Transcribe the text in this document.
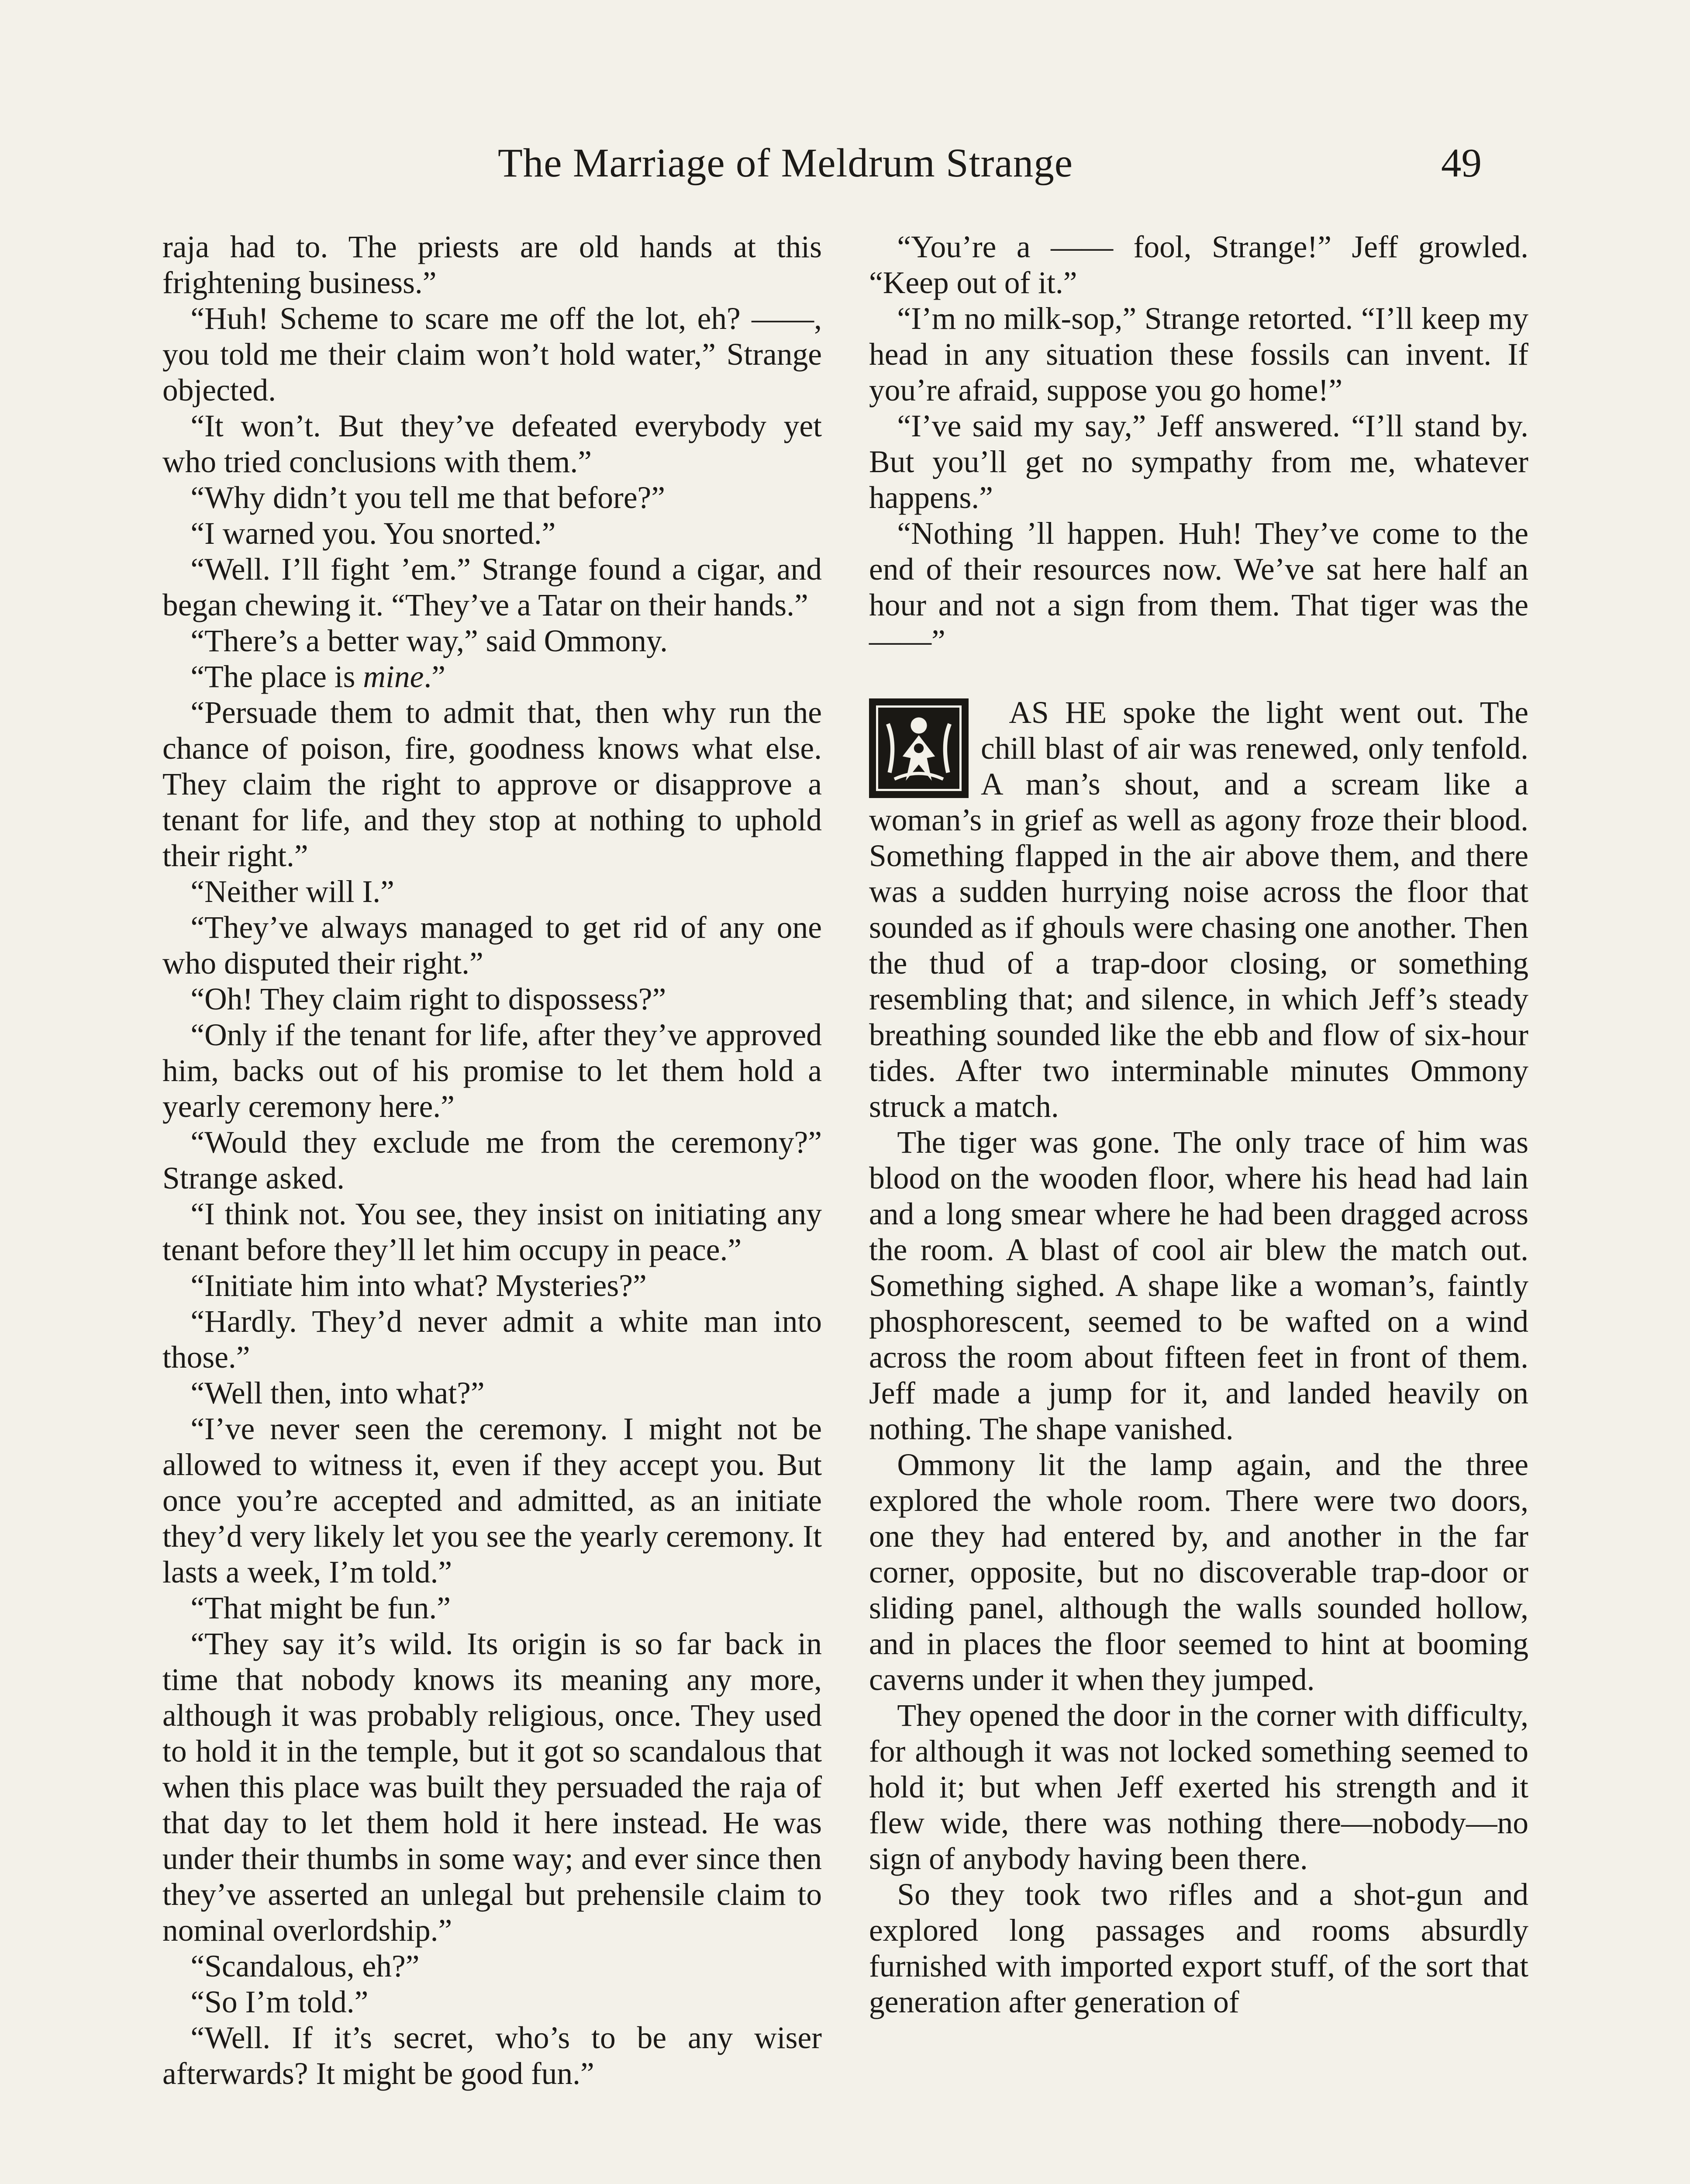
The Marriage of Meldrum Strange	49

raja had to. The priests are old hands at this frightening business.”

“Huh! Scheme to scare me off the lot, eh? ——, you told me their claim won’t hold water,” Strange objected.

“It won’t. But they’ve defeated everybody yet who tried conclusions with them.”

“Why didn’t you tell me that before?”

“I warned you. You snorted.”

“Well. I’ll fight ’em.” Strange found a cigar, and began chewing it. “They’ve a Tatar on their hands.”

“There’s a better way,” said Ommony.

“The place is mine.”

“Persuade them to admit that, then why run the chance of poison, fire, goodness knows what else. They claim the right to approve or disapprove a tenant for life, and they stop at nothing to uphold their right.”

“Neither will I.”

“They’ve always managed to get rid of any one who disputed their right.”

“Oh! They claim right to dispossess?”

“Only if the tenant for life, after they’ve approved him, backs out of his promise to let them hold a yearly ceremony here.”

“Would they exclude me from the ceremony?” Strange asked.

“I think not. You see, they insist on initiating any tenant before they’ll let him occupy in peace.”

“Initiate him into what? Mysteries?”

“Hardly. They’d never admit a white man into those.”

“Well then, into what?”

“I’ve never seen the ceremony. I might not be allowed to witness it, even if they accept you. But once you’re accepted and admitted, as an initiate they’d very likely let you see the yearly ceremony. It lasts a week, I’m told.”

“That might be fun.”

“They say it’s wild. Its origin is so far back in time that nobody knows its meaning any more, although it was probably religious, once. They used to hold it in the temple, but it got so scandalous that when this place was built they persuaded the raja of that day to let them hold it here instead. He was under their thumbs in some way; and ever since then they’ve asserted an unlegal but prehensile claim to nominal overlordship.”

“Scandalous, eh?”

“So I’m told.”

“Well. If it’s secret, who’s to be any wiser afterwards? It might be good fun.”

“You’re a —— fool, Strange!” Jeff growled. “Keep out of it.”

“I’m no milk-sop,” Strange retorted. “I’ll keep my head in any situation these fossils can invent. If you’re afraid, suppose you go home!”

“I’ve said my say,” Jeff answered. “I’ll stand by. But you’ll get no sympathy from me, whatever happens.”

“Nothing ’ll happen. Huh! They’ve come to the end of their resources now. We’ve sat here half an hour and not a sign from them. That tiger was the ——”

AS HE spoke the light went out. The chill blast of air was renewed, only tenfold. A man’s shout, and a scream like a woman’s in grief as well as agony froze their blood. Something flapped in the air above them, and there was a sudden hurrying noise across the floor that sounded as if ghouls were chasing one another. Then the thud of a trap-door closing, or something resembling that; and silence, in which Jeff’s steady breathing sounded like the ebb and flow of six-hour tides. After two interminable minutes Ommony struck a match.

The tiger was gone. The only trace of him was blood on the wooden floor, where his head had lain and a long smear where he had been dragged across the room. A blast of cool air blew the match out. Something sighed. A shape like a woman’s, faintly phosphorescent, seemed to be wafted on a wind across the room about fifteen feet in front of them. Jeff made a jump for it, and landed heavily on nothing. The shape vanished.

Ommony lit the lamp again, and the three explored the whole room. There were two doors, one they had entered by, and another in the far corner, opposite, but no discoverable trap-door or sliding panel, although the walls sounded hollow, and in places the floor seemed to hint at booming caverns under it when they jumped.

They opened the door in the corner with difficulty, for although it was not locked something seemed to hold it; but when Jeff exerted his strength and it flew wide, there was nothing there—nobody—no sign of anybody having been there.

So they took two rifles and a shot-gun and explored long passages and rooms absurdly furnished with imported export stuff, of the sort that generation after generation of
